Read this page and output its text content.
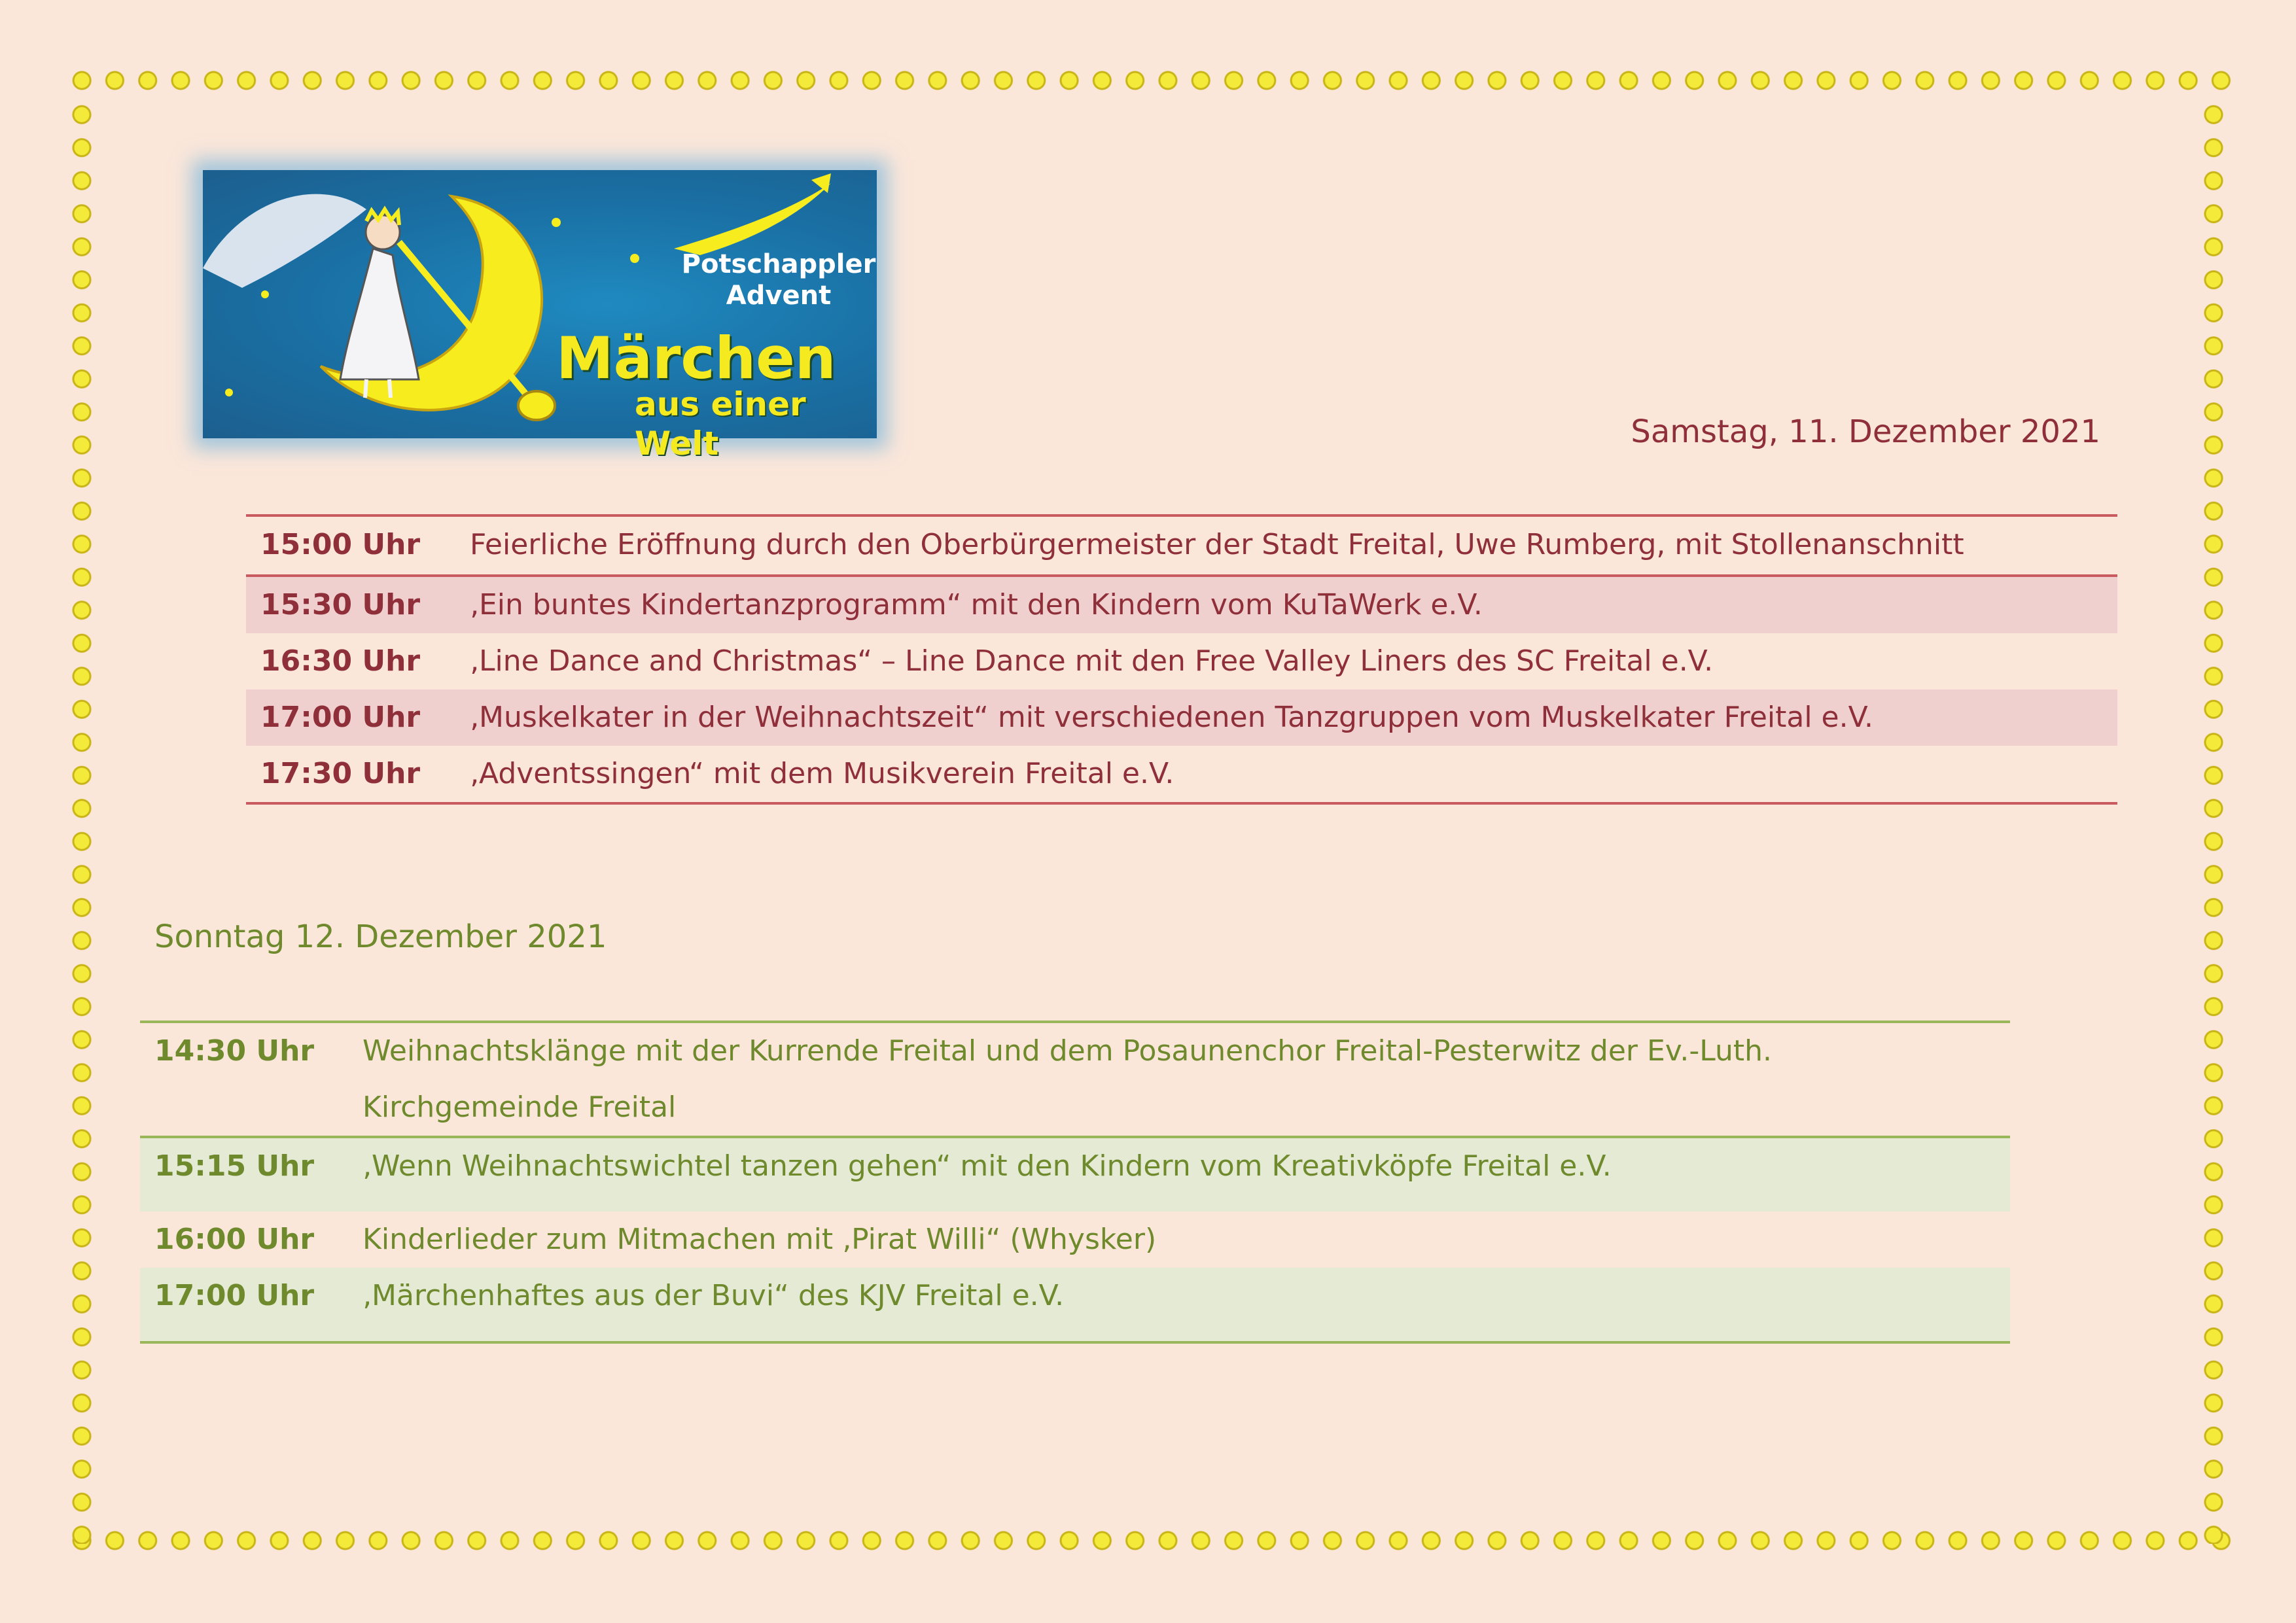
Potschappler
Advent
Märchen
aus einer Welt	Samstag, 11. Dezember 2021
15:00 Uhr	Feierliche Eröffnung durch den Oberbürgermeister der Stadt Freital, Uwe Rumberg, mit Stollenanschnitt
15:30 Uhr	‚Ein buntes Kindertanzprogramm“ mit den Kindern vom KuTaWerk e.V.
16:30 Uhr	‚Line Dance and Christmas“ – Line Dance mit den Free Valley Liners des SC Freital e.V.
17:00 Uhr	‚Muskelkater in der Weihnachtszeit“ mit verschiedenen Tanzgruppen vom Muskelkater Freital e.V.
17:30 Uhr	‚Adventssingen“ mit dem Musikverein Freital e.V.
Sonntag 12. Dezember 2021
14:30 Uhr	Weihnachtsklänge mit der Kurrende Freital und dem Posaunenchor Freital-Pesterwitz der Ev.-Luth.
Kirchgemeinde Freital
15:15 Uhr	‚Wenn Weihnachtswichtel tanzen gehen“ mit den Kindern vom Kreativköpfe Freital e.V.
16:00 Uhr	Kinderlieder zum Mitmachen mit ‚Pirat Willi“ (Whysker)
17:00 Uhr	‚Märchenhaftes aus der Buvi“ des KJV Freital e.V.
